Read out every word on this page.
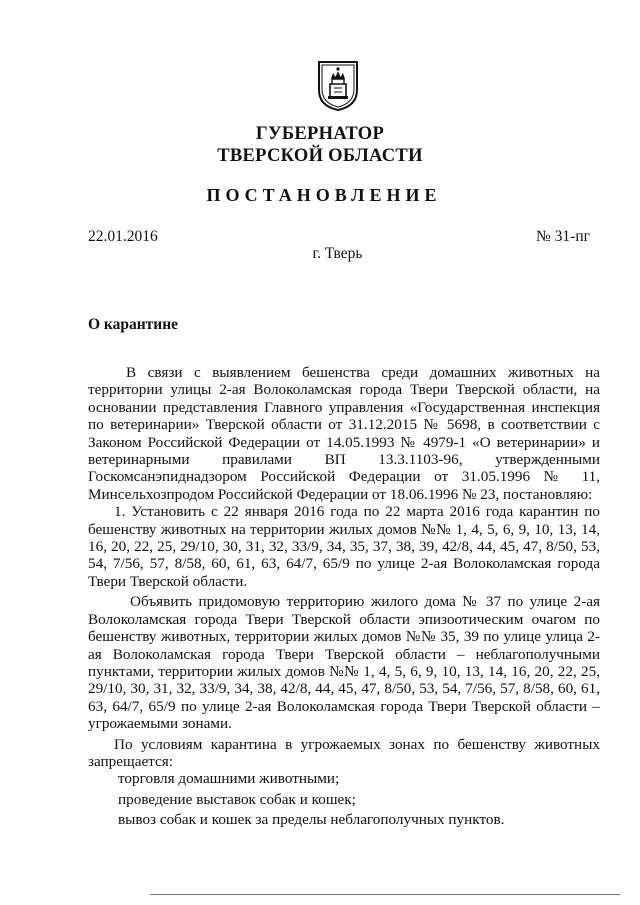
ГУБЕРНАТОР
ТВЕРСКОЙ ОБЛАСТИ
ПОСТАНОВЛЕНИЕ
22.01.2016	№ 31-пг
г. Тверь
О карантине

В связи с выявлением бешенства среди домашних животных на территории улицы 2-ая Волоколамская города Твери Тверской области, на основании представления Главного управления «Государственная инспекция по ветеринарии» Тверской области от 31.12.2015 № 5698, в соответствии с Законом Российской Федерации от 14.05.1993 № 4979-1 «О ветеринарии» и ветеринарными правилами ВП 13.3.1103-96, утвержденными Госкомсанэпиднадзором Российской Федерации от 31.05.1996 № 11, Минсельхозпродом Российской Федерации от 18.06.1996 № 23, постановляю:

1. Установить с 22 января 2016 года по 22 марта 2016 года карантин по бешенству животных на территории жилых домов №№ 1, 4, 5, 6, 9, 10, 13, 14, 16, 20, 22, 25, 29/10, 30, 31, 32, 33/9, 34, 35, 37, 38, 39, 42/8, 44, 45, 47, 8/50, 53, 54, 7/56, 57, 8/58, 60, 61, 63, 64/7, 65/9 по улице 2-ая Волоколамская города Твери Тверской области.

Объявить придомовую территорию жилого дома № 37 по улице 2-ая Волоколамская города Твери Тверской области эпизоотическим очагом по бешенству животных, территории жилых домов №№ 35, 39 по улице улица 2-ая Волоколамская города Твери Тверской области – неблагополучными пунктами, территории жилых домов №№ 1, 4, 5, 6, 9, 10, 13, 14, 16, 20, 22, 25, 29/10, 30, 31, 32, 33/9, 34, 38, 42/8, 44, 45, 47, 8/50, 53, 54, 7/56, 57, 8/58, 60, 61, 63, 64/7, 65/9 по улице 2-ая Волоколамская города Твери Тверской области – угрожаемыми зонами.

По условиям карантина в угрожаемых зонах по бешенству животных запрещается:

торговля домашними животными;

проведение выставок собак и кошек;

вывоз собак и кошек за пределы неблагополучных пунктов.
